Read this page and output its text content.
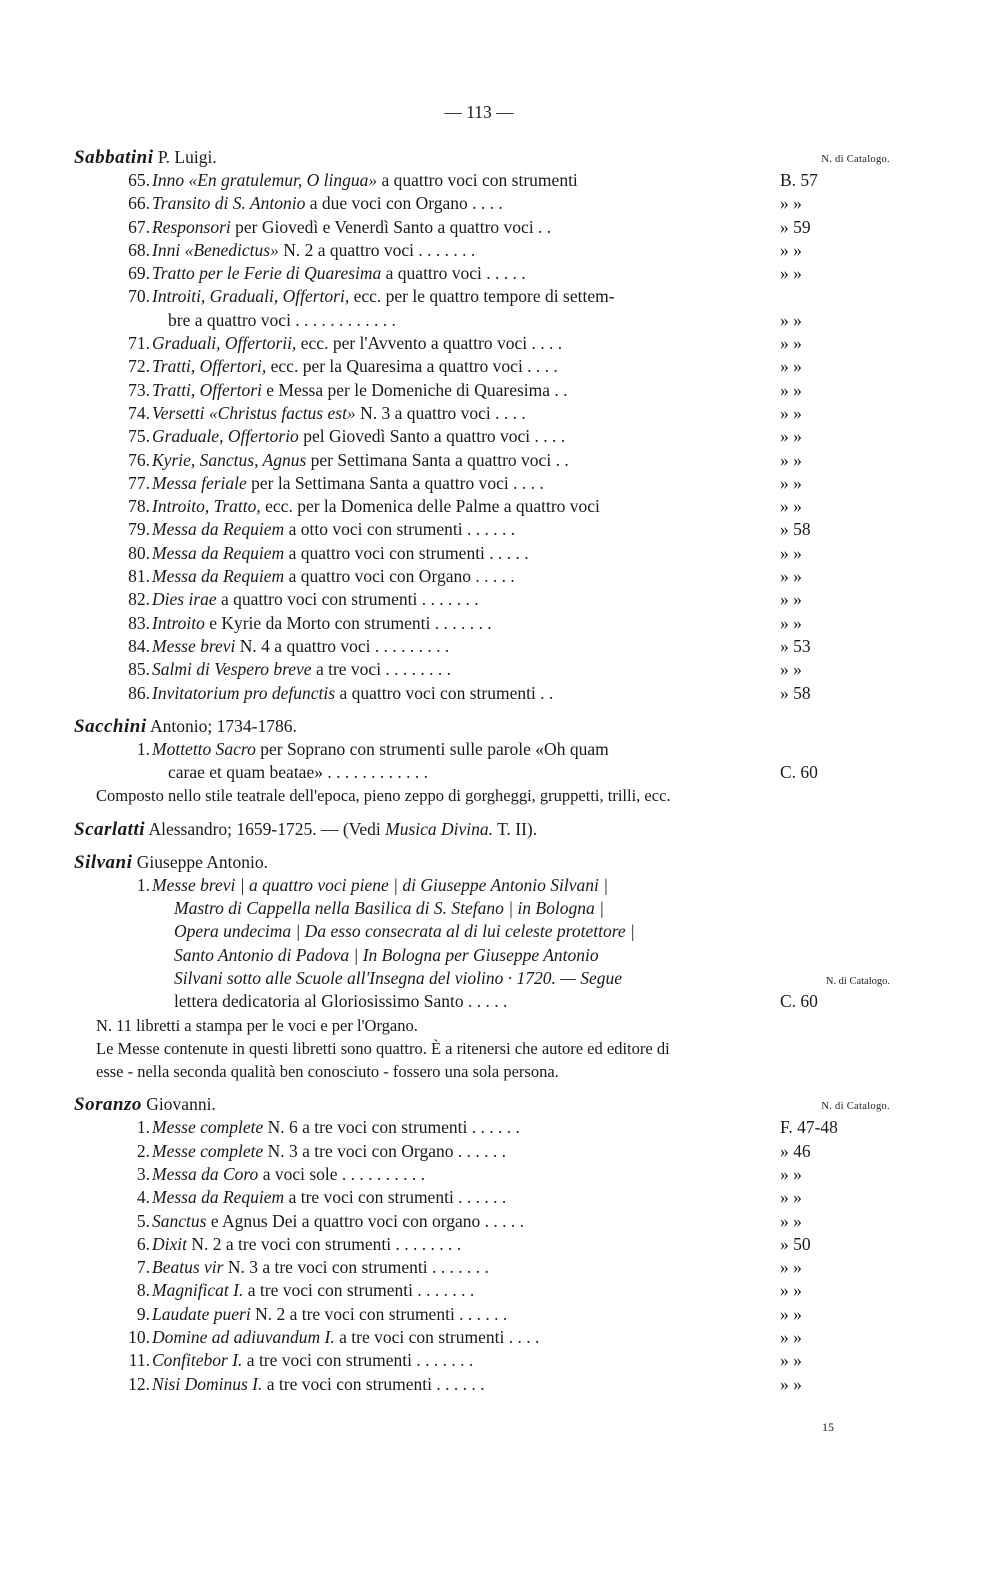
— 113 —
Sabbatini P. Luigi.	N. di Catalogo.
65. Inno «En gratulemur, O lingua» a quattro voci con strumenti	B. 57
66. Transito di S. Antonio a due voci con Organo . . . .	» »
67. Responsori per Giovedì e Venerdì Santo a quattro voci . .	» 59
68. Inni «Benedictus» N. 2 a quattro voci . . . . . . .	» »
69. Tratto per le Ferie di Quaresima a quattro voci . . . . .	» »
70. Introiti, Graduali, Offertori, ecc. per le quattro tempore di settem-
bre a quattro voci . . . . . . . . . . . .	» »
71. Graduali, Offertorii, ecc. per l'Avvento a quattro voci . . . .	» »
72. Tratti, Offertori, ecc. per la Quaresima a quattro voci . . . .	» »
73. Tratti, Offertori e Messa per le Domeniche di Quaresima . .	» »
74. Versetti «Christus factus est» N. 3 a quattro voci . . . .	» »
75. Graduale, Offertorio pel Giovedì Santo a quattro voci . . . .	» »
76. Kyrie, Sanctus, Agnus per Settimana Santa a quattro voci . .	» »
77. Messa feriale per la Settimana Santa a quattro voci . . . .	» »
78. Introito, Tratto, ecc. per la Domenica delle Palme a quattro voci	» »
79. Messa da Requiem a otto voci con strumenti . . . . . .	» 58
80. Messa da Requiem a quattro voci con strumenti . . . . .	» »
81. Messa da Requiem a quattro voci con Organo . . . . .	» »
82. Dies irae a quattro voci con strumenti . . . . . . .	» »
83. Introito e Kyrie da Morto con strumenti . . . . . . .	» »
84. Messe brevi N. 4 a quattro voci . . . . . . . . .	» 53
85. Salmi di Vespero breve a tre voci . . . . . . . .	» »
86. Invitatorium pro defunctis a quattro voci con strumenti . .	» 58
Sacchini Antonio; 1734-1786.
1. Mottetto Sacro per Soprano con strumenti sulle parole «Oh quam
carae et quam beatae» . . . . . . . . . . . .	C. 60
Composto nello stile teatrale dell'epoca, pieno zeppo di gorgheggi, gruppetti, trilli, ecc.
Scarlatti Alessandro; 1659-1725. — (Vedi Musica Divina. T. II).
Silvani Giuseppe Antonio.
1. Messe brevi | a quattro voci piene | di Giuseppe Antonio Silvani |
Mastro di Cappella nella Basilica di S. Stefano | in Bologna |
Opera undecima | Da esso consecrata al di lui celeste protettore |
Santo Antonio di Padova | In Bologna per Giuseppe Antonio
Silvani sotto alle Scuole all'Insegna del violino · 1720. — Segue
lettera dedicatoria al Gloriosissimo Santo . . . . .
N. di Catalogo.
C. 60
N. 11 libretti a stampa per le voci e per l'Organo.
Le Messe contenute in questi libretti sono quattro. È a ritenersi che autore ed editore di
esse - nella seconda qualità ben conosciuto - fossero una sola persona.
Soranzo Giovanni.	N. di Catalogo.
1. Messe complete N. 6 a tre voci con strumenti . . . . . .	F. 47-48
2. Messe complete N. 3 a tre voci con Organo . . . . . .	» 46
3. Messa da Coro a voci sole . . . . . . . . . .	» »
4. Messa da Requiem a tre voci con strumenti . . . . . .	» »
5. Sanctus e Agnus Dei a quattro voci con organo . . . . .	» »
6. Dixit N. 2 a tre voci con strumenti . . . . . . . .	» 50
7. Beatus vir N. 3 a tre voci con strumenti . . . . . . .	» »
8. Magnificat I. a tre voci con strumenti . . . . . . .	» »
9. Laudate pueri N. 2 a tre voci con strumenti . . . . . .	» »
10. Domine ad adiuvandum I. a tre voci con strumenti . . . .	» »
11. Confitebor I. a tre voci con strumenti . . . . . . .	» »
12. Nisi Dominus I. a tre voci con strumenti . . . . . .	» »
15
